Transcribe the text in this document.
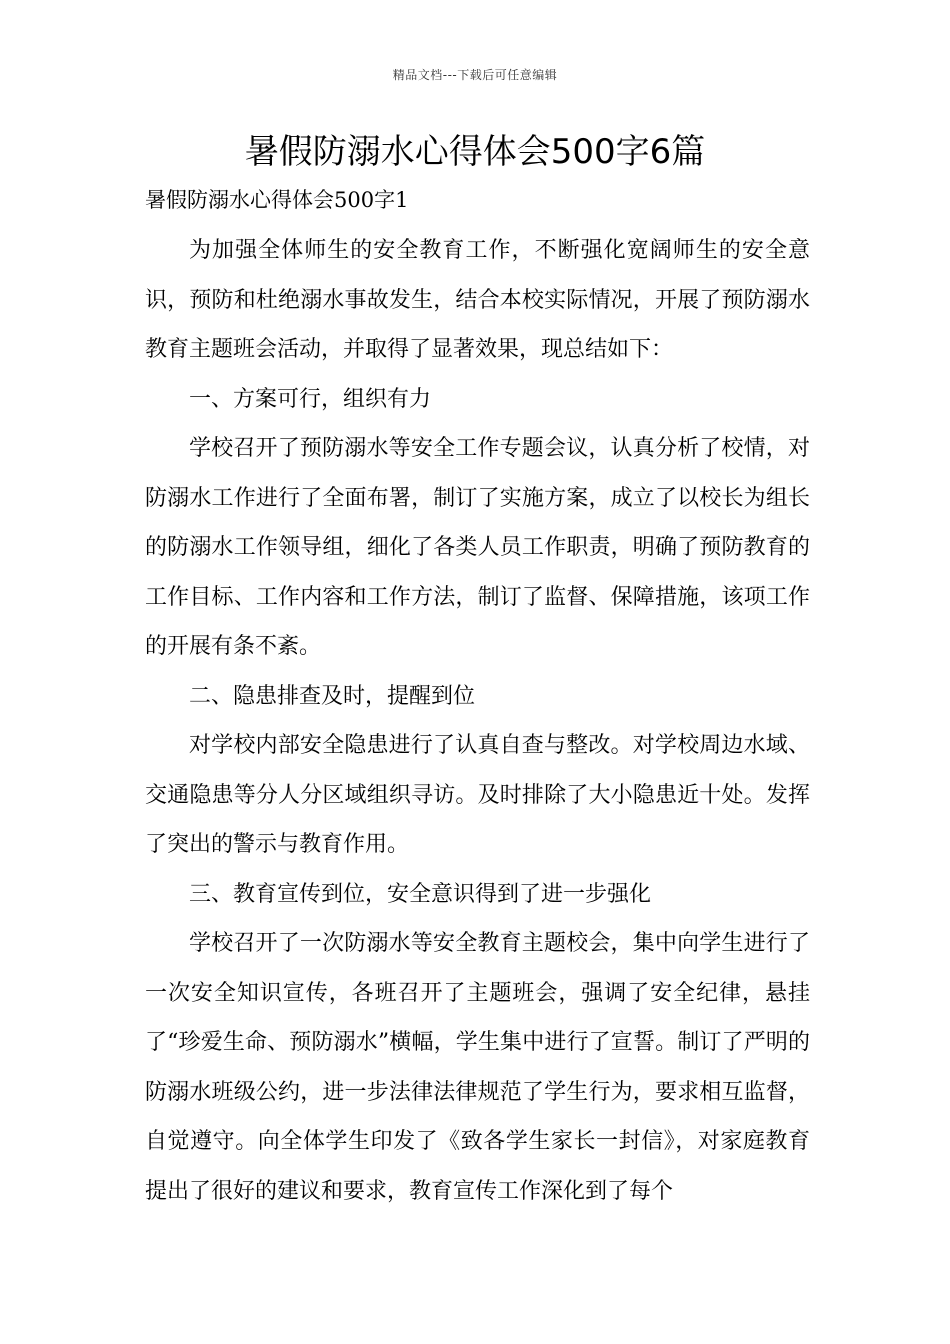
精品文档---下载后可任意编辑
暑假防溺水心得体会500字6篇
暑假防溺水心得体会500字1

为加强全体师生的安全教育工作，不断强化宽阔师生的安全意识，预防和杜绝溺水事故发生，结合本校实际情况，开展了预防溺水教育主题班会活动，并取得了显著效果，现总结如下：

一、方案可行，组织有力

学校召开了预防溺水等安全工作专题会议，认真分析了校情，对防溺水工作进行了全面布署，制订了实施方案，成立了以校长为组长的防溺水工作领导组，细化了各类人员工作职责，明确了预防教育的工作目标、工作内容和工作方法，制订了监督、保障措施，该项工作的开展有条不紊。

二、隐患排查及时，提醒到位

对学校内部安全隐患进行了认真自查与整改。对学校周边水域、交通隐患等分人分区域组织寻访。及时排除了大小隐患近十处。发挥了突出的警示与教育作用。

三、教育宣传到位，安全意识得到了进一步强化

学校召开了一次防溺水等安全教育主题校会，集中向学生进行了一次安全知识宣传，各班召开了主题班会，强调了安全纪律，悬挂了“珍爱生命、预防溺水”横幅，学生集中进行了宣誓。制订了严明的防溺水班级公约，进一步法律法律规范了学生行为，要求相互监督，自觉遵守。向全体学生印发了《致各学生家长一封信》，对家庭教育提出了很好的建议和要求，教育宣传工作深化到了每个
